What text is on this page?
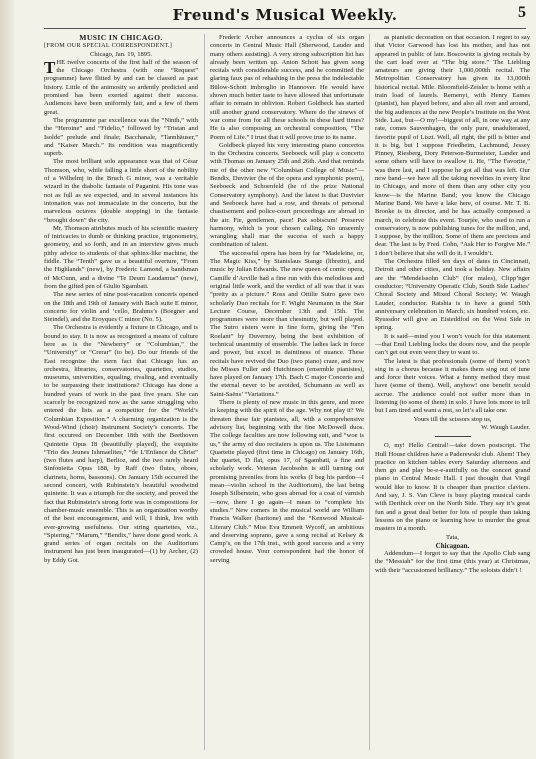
Freund's Musical Weekly.	5

MUSIC IN CHICAGO.

[FROM OUR SPECIAL CORRESPONDENT.]

Chicago, Jan. 19, 1895.

THE twelve concerts of the first half of the season of the Chicago Orchestra (with one “Request” programme) have flitted by and can be classed as past history. Little of the animosity so ardently predicted and promised has been exerted against their success. Audiences have been uniformly fair, and a few of them great.

The programme par excellence was the “Ninth,” with the “Heroine” and “Fidelio,” followed by “Tristan and Isolde” prelude and finale; Bacchanale, “Tannhäuser,” and “Kaiser March.” Its rendition was magnificently superb.

The most brilliant solo appearance was that of César Thomson, who, while falling a little short of the nobility of a Wilhelmj in the Bruch G minor, was a veritable wizard in the diabolic fantasie of Paganini. His tone was not as full as we expected, and in several instances his intonation was not immaculate in the concerto, but the marvelous octaves (double stopping) in the fantasie “brought down” the city.

Mr. Thomson attributes much of his scientific mastery of intricacies to dumb or thinking practice, trigonometry, geometry, and so forth, and in an interview gives much pithy advice to students of that sphinx-like machine, the fiddle. The “Tenth” gave us a beautiful overture, “From the Highlands” (new), by Frederic Lamond, a bandsman of McCunn, and a divine “Te Deum Laudamus” (new), from the gifted pen of Giulio Sgambati.

The new series of nine post-vacation concerts opened on the 18th and 19th of January with Bach suite E minor, concerto for violin and ‘cello, Brahms’s (Boegner and Steindel), and the Eroyques C minor (No. 5).

The Orchestra is evidently a fixture in Chicago, and is bound to stay. It is now as recognized a means of culture here as is the “Newberry” or “Columbian,” the “University” or “Crerar” (to be). Do our friends of the East recognize the stern fact that Chicago has an orchestra, libraries, conservatories, quartettes, studios, museums, universities, equaling, rivaling, and eventually to be surpassing their institutions? Chicago has done a hundred years of work in the past five years. She can scarcely be recognized now as the same struggling who entered the lists as a competitor for the “World’s Columbian Exposition.” A charming organization is the Wood-Wind (choir) Instrument Society’s concerts. The first occurred on December 18th with the Beethoven Quintette Opus 18 (beautifully played), the exquisite “Trio des Jeunes Ishmaelites,” “de L’Enfance du Christ” (two flutes and harp), Berlioz, and the two rarely heard Sinfonietta Opus 188, by Raff (two flutes, oboes, clarinets, horns, bassoons). On January 15th occurred the second concert, with Rubinstein’s beautiful woodwind quintette. It was a triumph for the society, and proved the fact that Rubinstein’s strong forte was in compositions for chamber-music ensemble. This is an organization worthy of the best encouragement, and will, I think, live with ever-growing usefulness. Our string quartettes, viz., “Spiering,” “Marum,” “Bendix,” have done good work. A grand series of organ recitals on the Auditorium instrument has just been inaugurated—(1) by Archer, (2) by Eddy Got.

Frederic Archer announces a cyclus of six organ concerts in Central Music Hall (Sherwood, Lauder and many others assisting). A very strong subscription list has already been written up. Anton Schott has given song recitals with considerable success, and he committed the glaring faux pas of rehashing in the press the indelectable Bülow-Schott imbroglio in Hannover. He would have shown much better taste to have allowed that unfortunate affair to remain in oblivion. Robert Goldbeck has started still another grand conservatory. Where do the sinews of war come from for all these schools in these hard times? He is also composing an orchestral composition, “The Poem of Life.” I trust that it will prove true to its name.

Goldbeck played his very interesting piano concertos in the Orchestra concerts. Seeboeck will play a concerto with Thomas on January 25th and 26th. And that reminds me of the other new “Columbian College of Music”—Bendix, Duvivier (he of the opera and symphonic poem), Seeboeck and Schoenfeld (he of the prize National Conservatory symphony). And the latest is that Duvivier and Seeboeck have had a row, and threats of personal chastisement and police-court proceedings are abroad in the air. Fie, gentlemen, pace! Pax sobiscum! Preserve harmony, which is your chosen calling. No unseemly wrangling shall mar the success of such a happy combination of talent.

The successful opera has been by far “Madeleine, or, The Magic Kiss,” by Stanislaus Stange (libretto), and music by Julian Edwards. The new queen of comic opera, Camille d’Arville had a fine run with this melodious and original little work, and the verdict of all was that it was “pretty as a picture.” Ross and Ottilie Sutro gave two scholarly Duo recitals for F. Wight Neumann in the Star Lecture Course, December 13th and 15th. The programmes were more than chestnutty, but well played. The Sutro sisters were in fine form, giving the “Fen Roelant” by Duvernoy, being the best exhibition of technical unanimity of ensemble. The ladies lack in force and power, but excel in daintiness of nuance. These recitals have revived the Duo (two piano) craze, and now the Misses Fuller and Hutchinson (ensemble pianistes), have played on January 17th. Bach C major Concerto and the eternal never to be avoided, Schumann as well as Saint-Saëns’ “Variations.”

There is plenty of new music in this genre, and more in keeping with the spirit of the age. Why not play it? We threaten these fair pianistes, all, with a comprehensive advisory list, beginning with the fine McDowell duos. The college faculties are now following suit, and “woe is us,” the army of duo recitaters is upon us. The Listemann Quartette played (first time in Chicago) on January 16th, the quartet, D flat, opus 17, of Sgambati, a fine and scholarly work. Veteran Jacobsohn is still turning out promising juveniles from his works (I beg his pardon—I mean—violin school in the Auditorium), the last being Joseph Silberstein, who goes abroad for a coat of varnish—now, there I go again—I mean to “complete his studies.” New comers in the musical world are William Francis Walker (baritone) and the “Kenwood Musical-Literary Club.” Miss Eva Emmett Wycoff, an ambitious and deserving soprano, gave a song recital at Kelsey & Camp’s, on the 17th inst., with good success and a very crowded house. Your correspondent had the honor of serving

as pianistic decoration on that occasion. I regret to say that Victor Garwood has lost his mother, and has not appeared in public of late. Boscowitz is giving recitals by the cart load over at “The big store.” The Liebling amateurs are giving their 1,000,000th recital. The Metropolitan Conservatory has given its 13,000th historical recital. Mile. Bloomfield-Zeisler is home with a train load of laurels. Remenyi, with Henry Eames (pianist), has played before, and also all over and around, the big audiences at the new People’s Institute on the West Side. Last, but—O my!—biggest of all, in one way at any rate, comes Sauvenhagen, the only pure, unadulterated, favorite pupil of Liszt. Well, all right, the pill is bitter and it is big, but I suppose Friedheim, Lachmund, Jessey Pinney, Riesberg, Dory Peterson-Burmeister, Lander and some others will have to swallow it. He, “The Favorite,” was there last, and I suppose he got all that was left. Our new band—we have all the taking novelties in every line in Chicago, and more of them than any other city you know—is the Marine Band; you know the Chicago Marine Band. We have a lake here, of course. Mr. T. B. Brooke is its director, and he has actually composed a march, to celebrate this event. Tourjée, who used to run a conservatory, is now publishing tunes for the million, and, I suppose, by the million. Some of them are precious and dear. The last is by Fred. Cohn, “Ask Her to Forgive Me.” I don’t believe that she will do it. I wouldn’t.

The Orchestra filled ten days of dates in Cincinnati, Detroit and other cities, and took a holiday. New affairs are the “Mendelssohn Club” (for males), Clipp’nger conductor; “University Operatic Club, South Side Ladies’ Choral Society and Mixed Choral Society; W. Waugh Lauder, conductor. Ratshia is to have a grand 50th anniversary celebration in March; six hundred voices, etc. Ryussdor will give an Eisteddfod on the West Side in spring.

It is said—mind you I won’t vouch for this statement—that Emil Liebling locks the doors now, and the people can’t get out even were they to want to.

The latest is that professionals (some of them) won’t sing in a chorus because it makes them sing out of tune and force their voices. What a funny method they must have (some of them). Well, anyhow! one benefit would accrue. The audience could not suffer more than in listening (to some of them) in solo. I have lots more to tell but I am tired and want a rest, so let’s all take one.

Yours till the scissors stop us,

W. Waugh Lauder.

O, my! Hello Central!—take down postscript. The Hull House children have a Paderewski club. Ahem! They practice on kitchen tables every Saturday afternoon and then go and play be-e-e-autifully on the concert grand piano in Central Music Hall. I just thought that Virgil would like to know. It is cheaper than practice claviers. And say, J. S. Van Cleve is busy playing musical cards with Derthick over on the North Side. They say it’s great fun and a great deal better for lots of people than taking lessons on the piano or learning how to murder the great masters in a month.

Tata,

Chicagoan.

Addendum—I forgot to say that the Apollo Club sang the “Messiah” for the first time (this year) at Christmas, with their “accustomed brilliancy.” The soloists didn’t !
